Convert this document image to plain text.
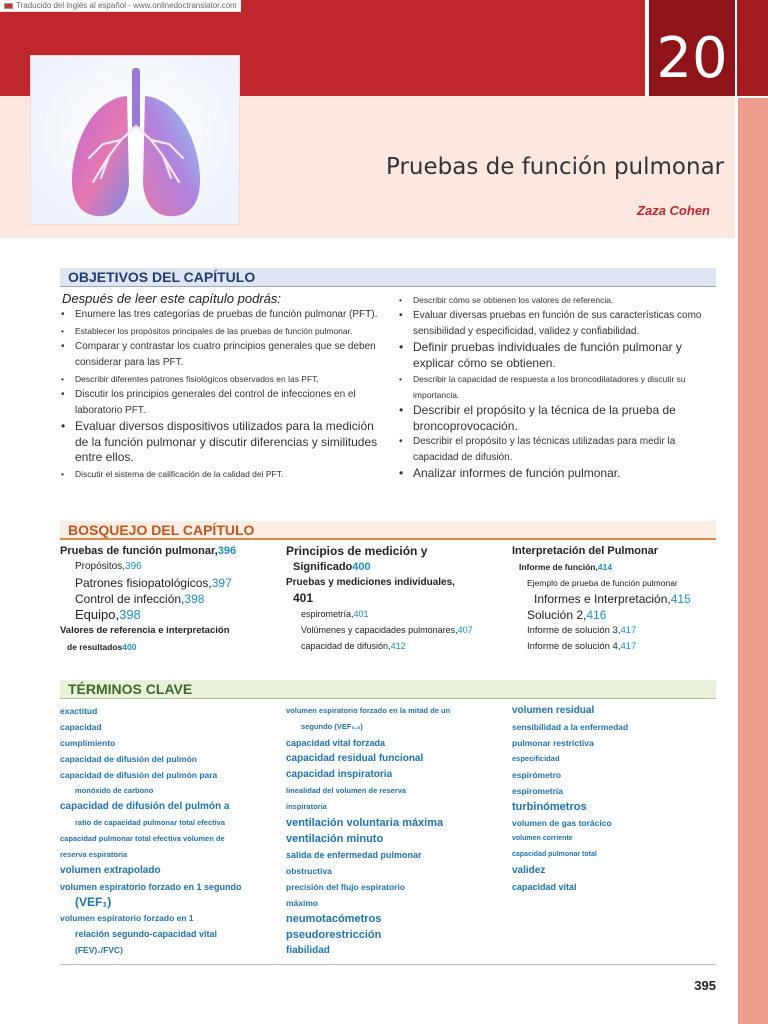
Traducido del inglés al español - www.onlinedoctranslator.com
20
Pruebas de función pulmonar
Zaza Cohen
OBJETIVOS DEL CAPÍTULO
Después de leer este capítulo podrás:
• Enumere las tres categorías de pruebas de función pulmonar (PFT).
• Establecer los propósitos principales de las pruebas de función pulmonar.
• Comparar y contrastar los cuatro principios generales que se deben considerar para las PFT.
• Describir diferentes patrones fisiológicos observados en las PFT.
• Discutir los principios generales del control de infecciones en el laboratorio PFT.
• Evaluar diversos dispositivos utilizados para la medición de la función pulmonar y discutir diferencias y similitudes entre ellos.
• Discutir el sistema de calificación de la calidad del PFT.
• Describir cómo se obtienen los valores de referencia.
• Evaluar diversas pruebas en función de sus características como sensibilidad y especificidad, validez y confiabilidad.
• Definir pruebas individuales de función pulmonar y explicar cómo se obtienen.
• Describir la capacidad de respuesta a los broncodilatadores y discutir su importancia.
• Describir el propósito y la técnica de la prueba de broncoprovocación.
• Describir el propósito y las técnicas utilizadas para medir la capacidad de difusión.
• Analizar informes de función pulmonar.
BOSQUEJO DEL CAPÍTULO
Pruebas de función pulmonar,396
Propósitos,396
Patrones fisiopatológicos,397
Control de infección,398
Equipo,398
Valores de referencia e interpretación
de resultados400
Principios de medición y
Significado400
Pruebas y mediciones individuales,
401
espirometría,401
Volúmenes y capacidades pulmonares,407
capacidad de difusión,412
Interpretación del Pulmonar
Informe de función,414
Ejemplo de prueba de función pulmonar
Informes e Interpretación,415
Solución 2,416
Informe de solución 3,417
Informe de solución 4,417
TÉRMINOS CLAVE
exactitud
capacidad
cumplimiento
capacidad de difusión del pulmón
capacidad de difusión del pulmón para
monóxido de carbono
capacidad de difusión del pulmón a
ratio de capacidad pulmonar total efectiva
capacidad pulmonar total efectiva volumen de
reserva espiratoria
volumen extrapolado
volumen espiratorio forzado en 1 segundo
(VEF₁)
volumen espiratorio forzado en 1
relación segundo-capacidad vital
(FEV)₁/FVC)
volumen espiratorio forzado en la mitad de un
segundo (VEF₀.₅)
capacidad vital forzada
capacidad residual funcional
capacidad inspiratoria
linealidad del volumen de reserva
inspiratoria
ventilación voluntaria máxima
ventilación minuto
salida de enfermedad pulmonar
obstructiva
precisión del flujo espiratorio
máximo
neumotacómetros
pseudorestricción
fiabilidad
volumen residual
sensibilidad a la enfermedad
pulmonar restrictiva
especificidad
espirómetro
espirometría
turbinómetros
volumen de gas torácico
volumen corriente
capacidad pulmonar total
validez
capacidad vital
395
